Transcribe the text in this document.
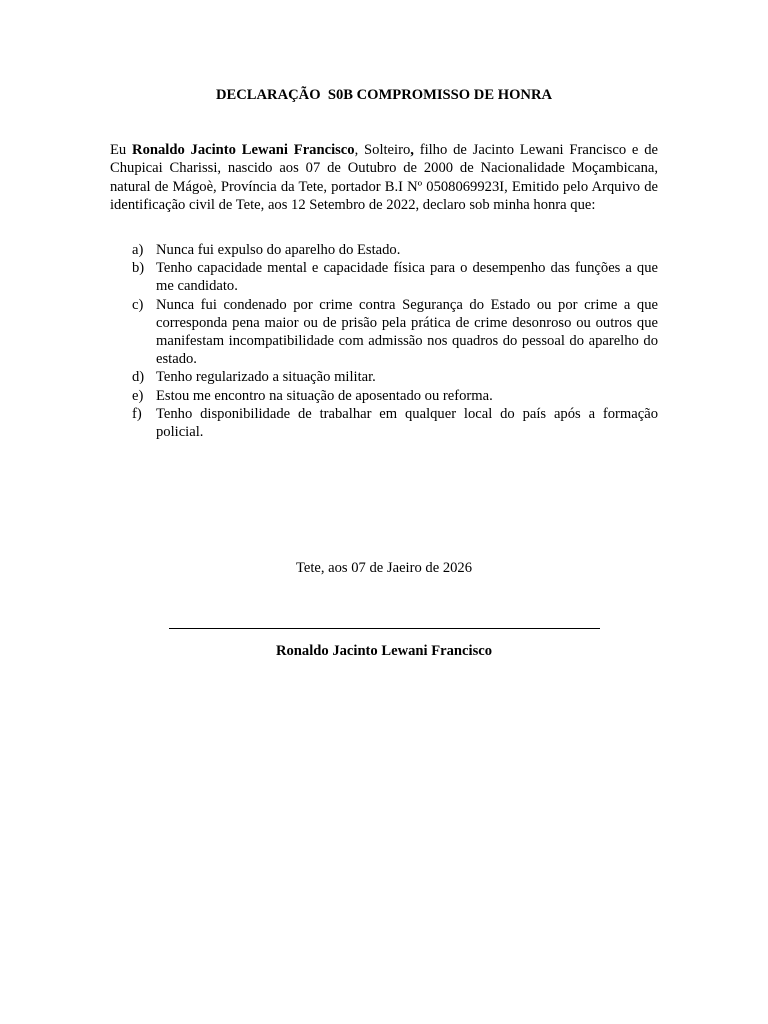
DECLARAÇÃO  S0B COMPROMISSO DE HONRA

Eu Ronaldo Jacinto Lewani Francisco, Solteiro, filho de Jacinto Lewani Francisco e de Chupicai Charissi, nascido aos 07 de Outubro de 2000 de Nacionalidade Moçambicana, natural de Mágoè, Província da Tete, portador B.I Nº 0508069923I, Emitido pelo Arquivo de identificação civil de Tete, aos 12 Setembro de 2022, declaro sob minha honra que:

a) Nunca fui expulso do aparelho do Estado.
b) Tenho capacidade mental e capacidade física para o desempenho das funções a que me candidato.
c) Nunca fui condenado por crime contra Segurança do Estado ou por crime a que corresponda pena maior ou de prisão pela prática de crime desonroso ou outros que manifestam incompatibilidade com admissão nos quadros do pessoal do aparelho do estado.
d) Tenho regularizado a situação militar.
e) Estou me encontro na situação de aposentado ou reforma.
f) Tenho disponibilidade de trabalhar em qualquer local do país após a formação policial.
Tete, aos 07 de Jaeiro de 2026
Ronaldo Jacinto Lewani Francisco
